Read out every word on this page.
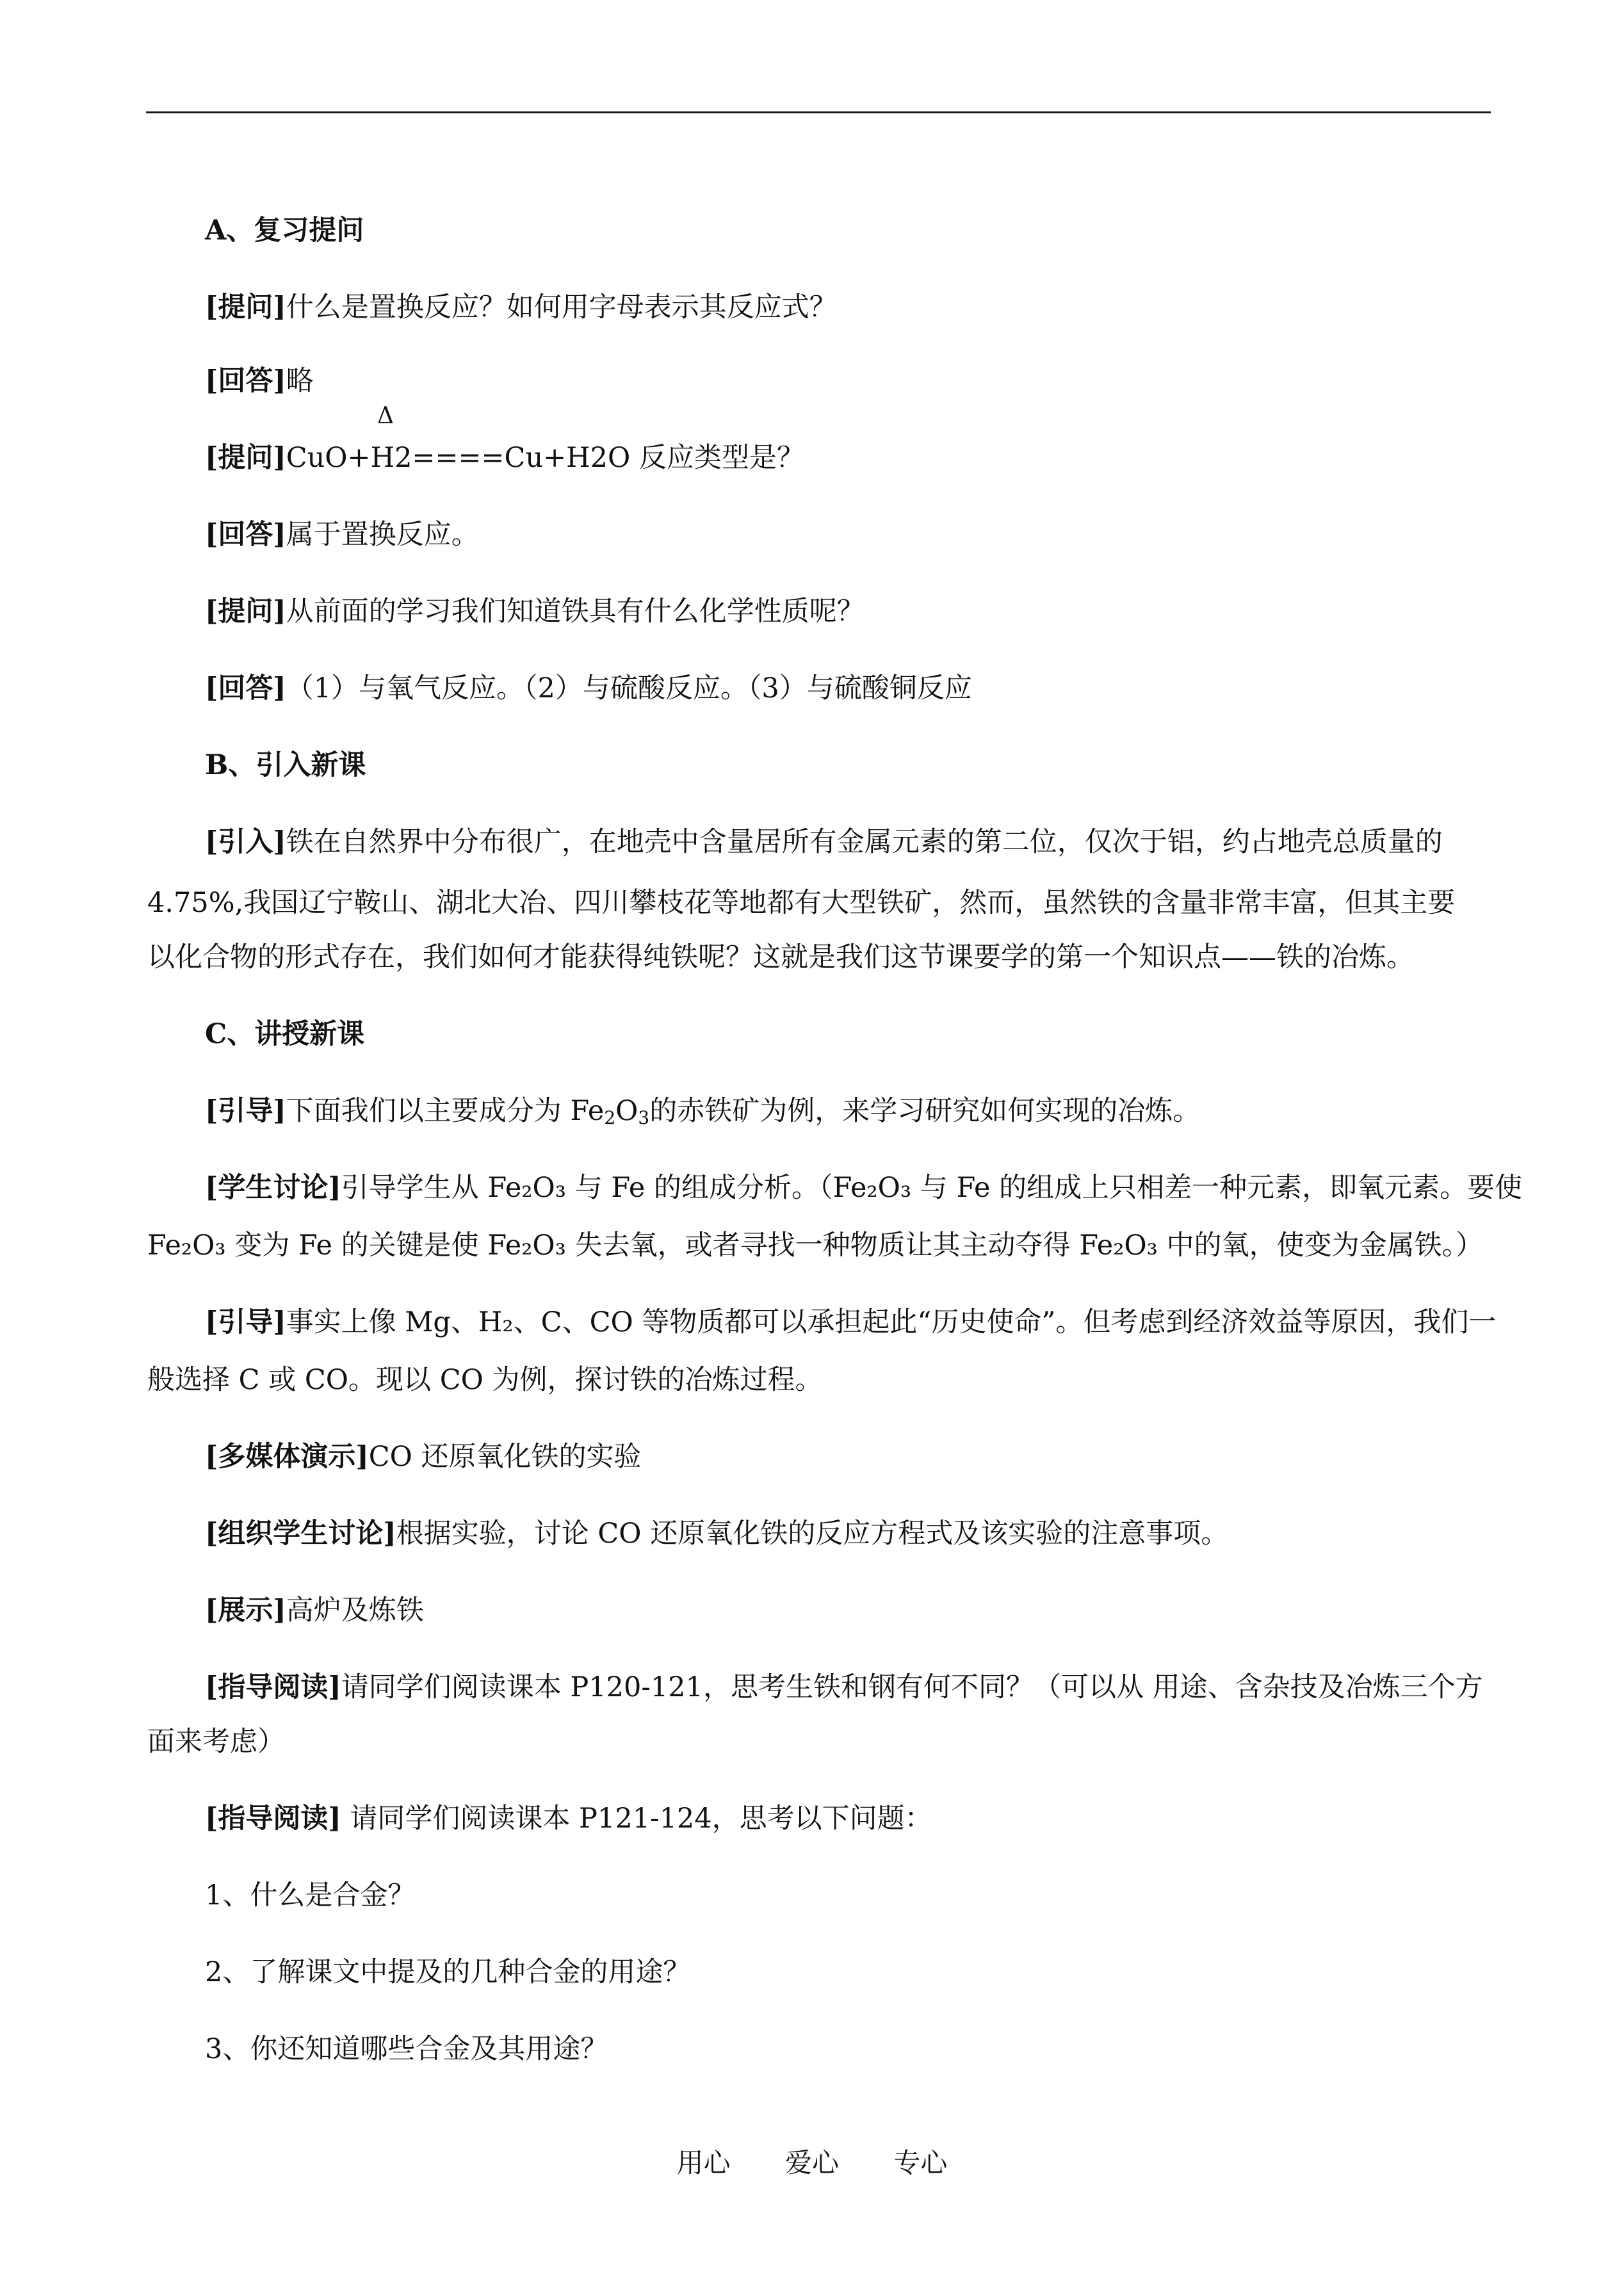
A、复习提问
[提问]什么是置换反应？如何用字母表示其反应式？
[回答]略
Δ
[提问]CuO+H2====Cu+H2O 反应类型是？
[回答]属于置换反应。
[提问]从前面的学习我们知道铁具有什么化学性质呢？
[回答]（1）与氧气反应。（2）与硫酸反应。（3）与硫酸铜反应
B、引入新课
[引入]铁在自然界中分布很广，在地壳中含量居所有金属元素的第二位，仅次于铝，约占地壳总质量的
4.75%,我国辽宁鞍山、湖北大冶、四川攀枝花等地都有大型铁矿，然而，虽然铁的含量非常丰富，但其主要
以化合物的形式存在，我们如何才能获得纯铁呢？这就是我们这节课要学的第一个知识点——铁的冶炼。
C、讲授新课
[引导]下面我们以主要成分为 $Fe_2O_3$的赤铁矿为例，来学习研究如何实现的冶炼。
[学生讨论]引导学生从 Fe₂O₃ 与 Fe 的组成分析。（Fe₂O₃ 与 Fe 的组成上只相差一种元素，即氧元素。要使
Fe₂O₃ 变为 Fe 的关键是使 Fe₂O₃ 失去氧，或者寻找一种物质让其主动夺得 Fe₂O₃ 中的氧，使变为金属铁。）
[引导]事实上像 Mg、H₂、C、CO 等物质都可以承担起此“历史使命”。但考虑到经济效益等原因，我们一
般选择 C 或 CO。现以 CO 为例，探讨铁的冶炼过程。
[多媒体演示]CO 还原氧化铁的实验
[组织学生讨论]根据实验，讨论 CO 还原氧化铁的反应方程式及该实验的注意事项。
[展示]高炉及炼铁
[指导阅读]请同学们阅读课本 P120-121，思考生铁和钢有何不同？（可以从 用途、含杂技及冶炼三个方
面来考虑）
[指导阅读] 请同学们阅读课本 P121-124，思考以下问题：
1、什么是合金？
2、了解课文中提及的几种合金的用途？
3、你还知道哪些合金及其用途？
用心 爱心 专心
